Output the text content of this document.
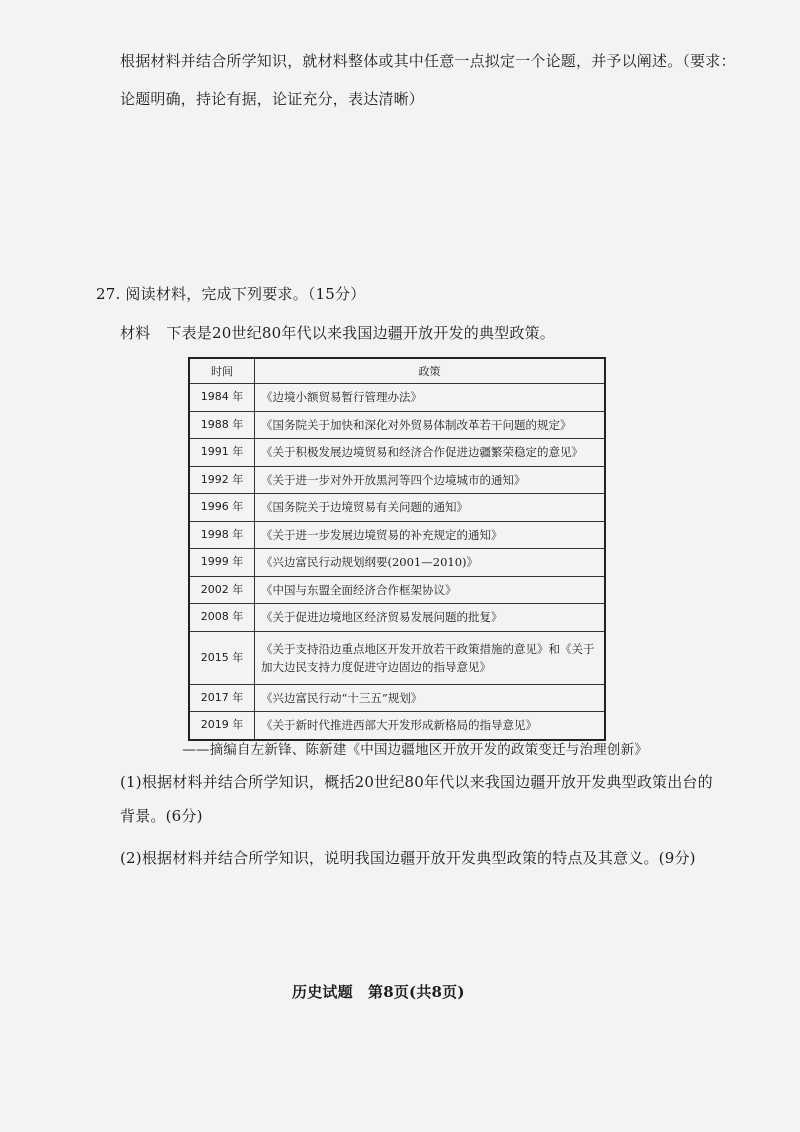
根据材料并结合所学知识，就材料整体或其中任意一点拟定一个论题，并予以阐述。（要求：
论题明确，持论有据，论证充分，表达清晰）
27. 阅读材料，完成下列要求。（15分）
材料 下表是20世纪80年代以来我国边疆开放开发的典型政策。
时间	政策
1984 年	《边境小额贸易暂行管理办法》
1988 年	《国务院关于加快和深化对外贸易体制改革若干问题的规定》
1991 年	《关于积极发展边境贸易和经济合作促进边疆繁荣稳定的意见》
1992 年	《关于进一步对外开放黑河等四个边境城市的通知》
1996 年	《国务院关于边境贸易有关问题的通知》
1998 年	《关于进一步发展边境贸易的补充规定的通知》
1999 年	《兴边富民行动规划纲要(2001—2010)》
2002 年	《中国与东盟全面经济合作框架协议》
2008 年	《关于促进边境地区经济贸易发展问题的批复》
2015 年	《关于支持沿边重点地区开发开放若干政策措施的意见》和《关于加大边民支持力度促进守边固边的指导意见》
2017 年	《兴边富民行动“十三五”规划》
2019 年	《关于新时代推进西部大开发形成新格局的指导意见》
——摘编自左新锋、陈新建《中国边疆地区开放开发的政策变迁与治理创新》
(1)根据材料并结合所学知识，概括20世纪80年代以来我国边疆开放开发典型政策出台的
背景。(6分)
(2)根据材料并结合所学知识，说明我国边疆开放开发典型政策的特点及其意义。(9分)
历史试题　第8页(共8页)
